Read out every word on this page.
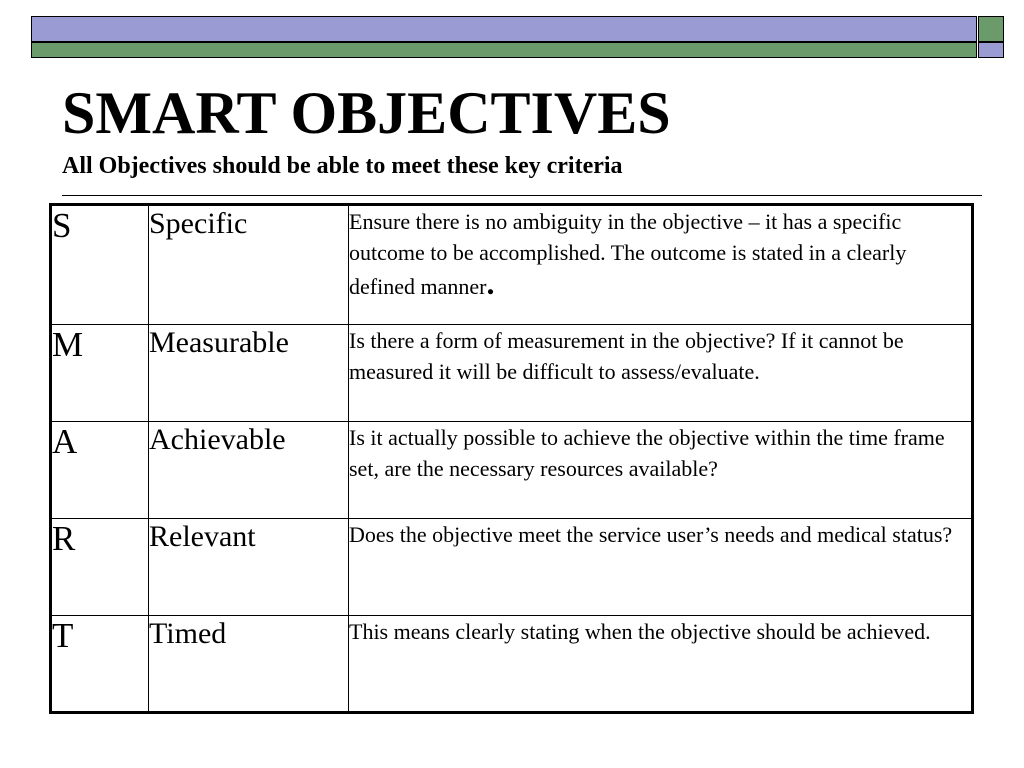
SMART OBJECTIVES
All Objectives should be able to meet these key criteria
S	Specific	Ensure there is no ambiguity in the objective – it has a specific outcome to be accomplished. The outcome is stated in a clearly defined manner.
M	Measurable	Is there a form of measurement in the objective? If it cannot be measured it will be difficult to assess/evaluate.
A	Achievable	Is it actually possible to achieve the objective within the time frame set, are the necessary resources available?
R	Relevant	Does the objective meet the service user’s needs and medical status?
T	Timed	This means clearly stating when the objective should be achieved.
